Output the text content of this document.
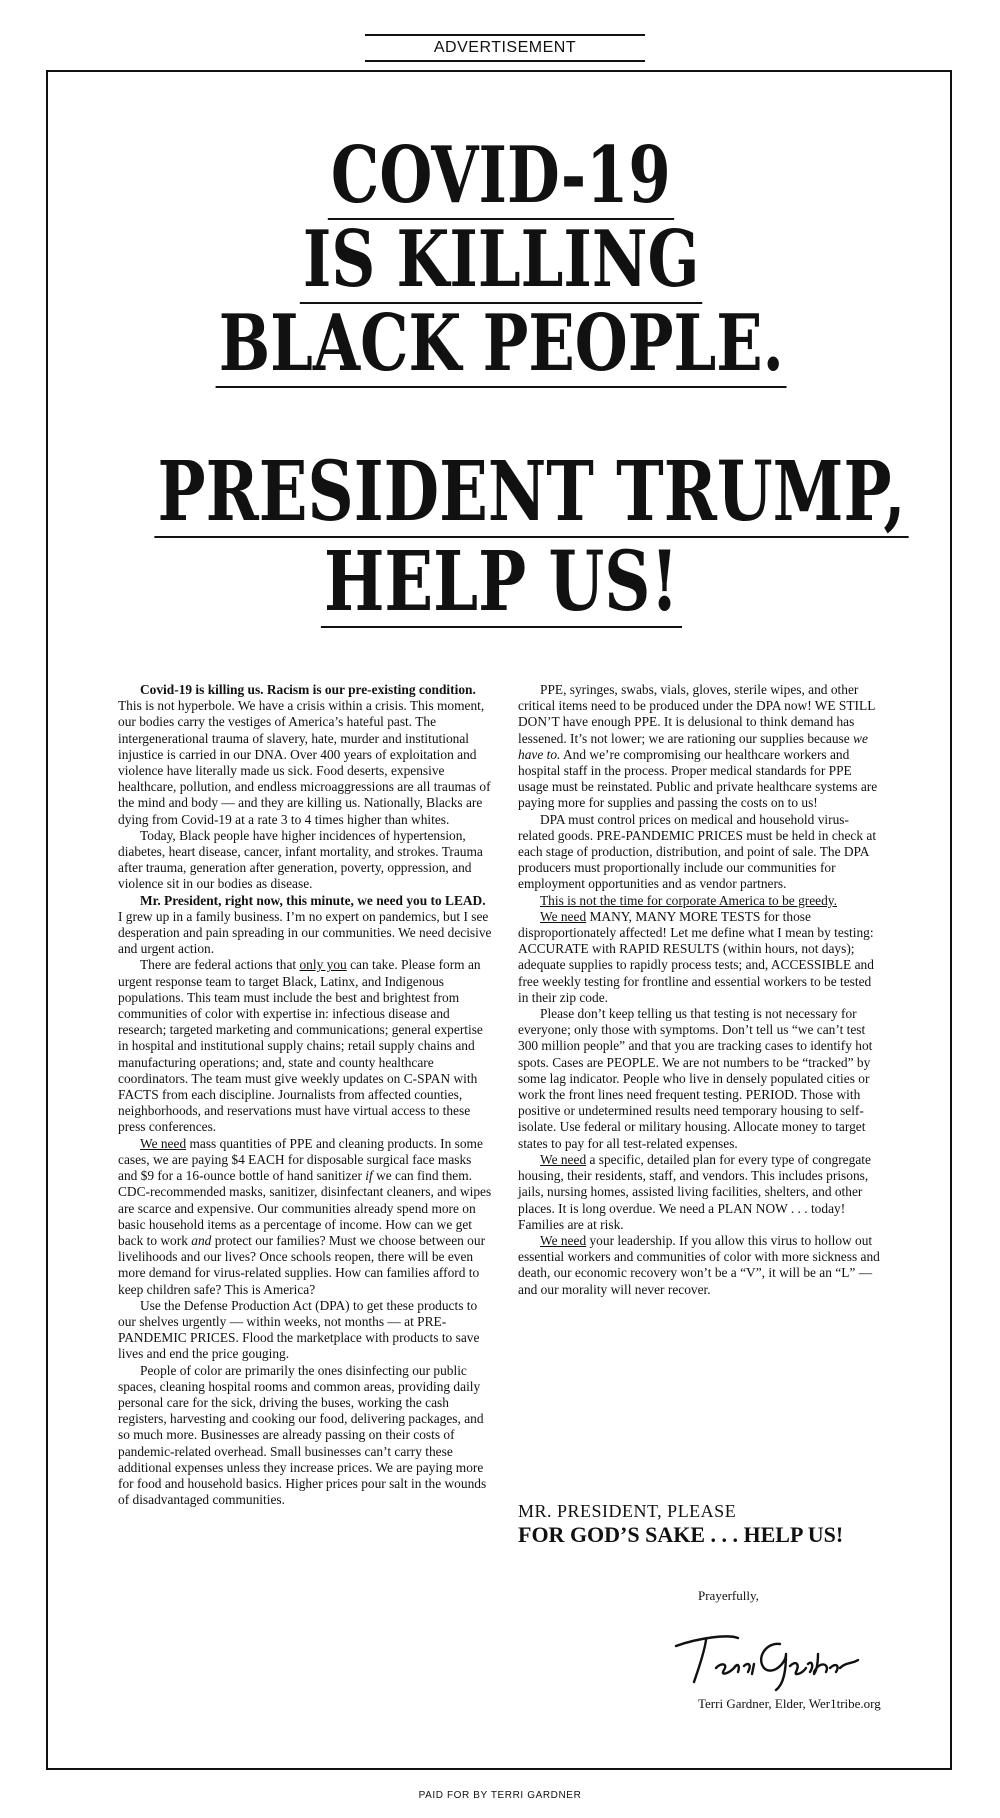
ADVERTISEMENT
COVID-19
IS KILLING
BLACK PEOPLE.
PRESIDENT TRUMP,
HELP US!

Covid-19 is killing us. Racism is our pre-existing condition. This is not hyperbole. We have a crisis within a crisis. This moment, our bodies carry the vestiges of America’s hateful past. The intergenerational trauma of slavery, hate, murder and institutional injustice is carried in our DNA. Over 400 years of exploitation and violence have literally made us sick. Food deserts, expensive healthcare, pollution, and endless microaggressions are all traumas of the mind and body — and they are killing us. Nationally, Blacks are dying from Covid-19 at a rate 3 to 4 times higher than whites.

Today, Black people have higher incidences of hypertension, diabetes, heart disease, cancer, infant mortality, and strokes. Trauma after trauma, generation after generation, poverty, oppression, and violence sit in our bodies as disease.

Mr. President, right now, this minute, we need you to LEAD. I grew up in a family business. I’m no expert on pandemics, but I see desperation and pain spreading in our communities. We need decisive and urgent action.

There are federal actions that only you can take. Please form an urgent response team to target Black, Latinx, and Indigenous populations. This team must include the best and brightest from communities of color with expertise in: infectious disease and research; targeted marketing and communications; general expertise in hospital and institutional supply chains; retail supply chains and manufacturing operations; and, state and county healthcare coordinators. The team must give weekly updates on C-SPAN with FACTS from each discipline. Journalists from affected counties, neighborhoods, and reservations must have virtual access to these press conferences.

We need mass quantities of PPE and cleaning products. In some cases, we are paying $4 EACH for disposable surgical face masks and $9 for a 16-ounce bottle of hand sanitizer if we can find them. CDC-recommended masks, sanitizer, disinfectant cleaners, and wipes are scarce and expensive. Our communities already spend more on basic household items as a percentage of income. How can we get back to work and protect our families? Must we choose between our livelihoods and our lives? Once schools reopen, there will be even more demand for virus-related supplies. How can families afford to keep children safe? This is America?

Use the Defense Production Act (DPA) to get these products to our shelves urgently — within weeks, not months — at PRE-PANDEMIC PRICES. Flood the marketplace with products to save lives and end the price gouging.

People of color are primarily the ones disinfecting our public spaces, cleaning hospital rooms and common areas, providing daily personal care for the sick, driving the buses, working the cash registers, harvesting and cooking our food, delivering packages, and so much more. Businesses are already passing on their costs of pandemic-related overhead. Small businesses can’t carry these additional expenses unless they increase prices. We are paying more for food and household basics. Higher prices pour salt in the wounds of disadvantaged communities.

PPE, syringes, swabs, vials, gloves, sterile wipes, and other critical items need to be produced under the DPA now! WE STILL DON’T have enough PPE. It is delusional to think demand has lessened. It’s not lower; we are rationing our supplies because we have to. And we’re compromising our healthcare workers and hospital staff in the process. Proper medical standards for PPE usage must be reinstated. Public and private healthcare systems are paying more for supplies and passing the costs on to us!

DPA must control prices on medical and household virus-related goods. PRE-PANDEMIC PRICES must be held in check at each stage of production, distribution, and point of sale. The DPA producers must proportionally include our communities for employment opportunities and as vendor partners.

This is not the time for corporate America to be greedy.

We need MANY, MANY MORE TESTS for those disproportionately affected! Let me define what I mean by testing: ACCURATE with RAPID RESULTS (within hours, not days); adequate supplies to rapidly process tests; and, ACCESSIBLE and free weekly testing for frontline and essential workers to be tested in their zip code.

Please don’t keep telling us that testing is not necessary for everyone; only those with symptoms. Don’t tell us “we can’t test 300 million people” and that you are tracking cases to identify hot spots. Cases are PEOPLE. We are not numbers to be “tracked” by some lag indicator. People who live in densely populated cities or work the front lines need frequent testing. PERIOD. Those with positive or undetermined results need temporary housing to self-isolate. Use federal or military housing. Allocate money to target states to pay for all test-related expenses.

We need a specific, detailed plan for every type of congregate housing, their residents, staff, and vendors. This includes prisons, jails, nursing homes, assisted living facilities, shelters, and other places. It is long overdue. We need a PLAN NOW . . . today! Families are at risk.

We need your leadership. If you allow this virus to hollow out essential workers and communities of color with more sickness and death, our economic recovery won’t be a “V”, it will be an “L” — and our morality will never recover.

MR. PRESIDENT, PLEASE
FOR GOD’S SAKE . . . HELP US!
Prayerfully,
Terri Gardner, Elder, Wer1tribe.org
PAID FOR BY TERRI GARDNER
